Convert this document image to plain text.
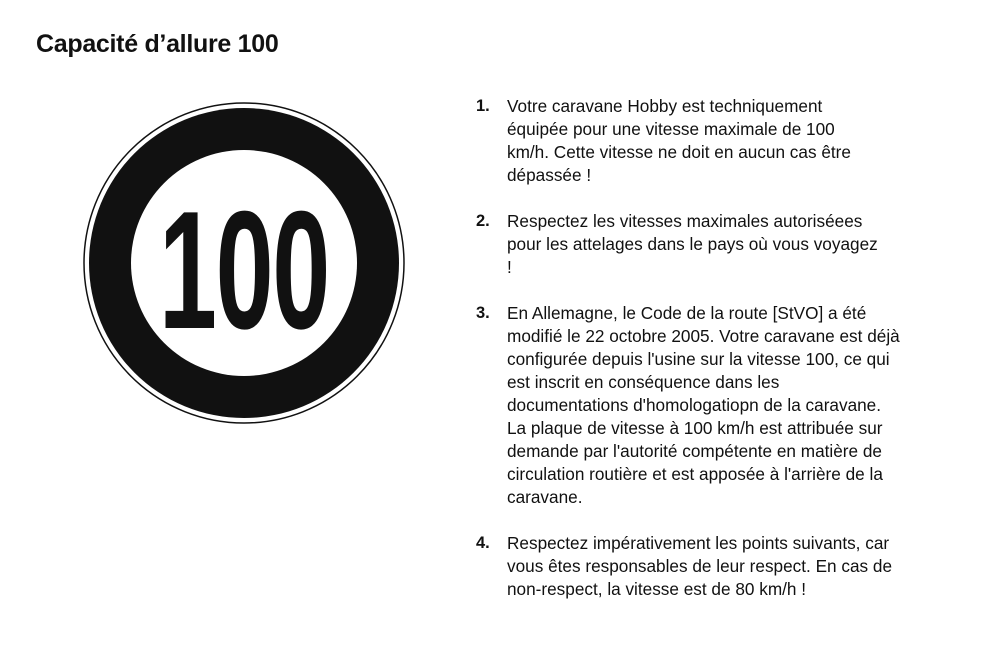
Capacité d’allure 100
100
1. Votre caravane Hobby est techniquement équipée pour une vitesse maximale de 100 km/h. Cette vitesse ne doit en aucun cas être dépassée !
2. Respectez les vitesses maximales autoriséees pour les attelages dans le pays où vous voyagez !
3. En Allemagne, le Code de la route [StVO] a été modifié le 22 octobre 2005. Votre caravane est déjà configurée depuis l'usine sur la vitesse 100, ce qui est inscrit en conséquence dans les documentations d'homologatiopn de la caravane. La plaque de vitesse à 100 km/h est attribuée sur demande par l'autorité compétente en matière de circulation routière et est apposée à l'arrière de la caravane.
4. Respectez impérativement les points suivants, car vous êtes responsables de leur respect. En cas de non-respect, la vitesse est de 80 km/h !
